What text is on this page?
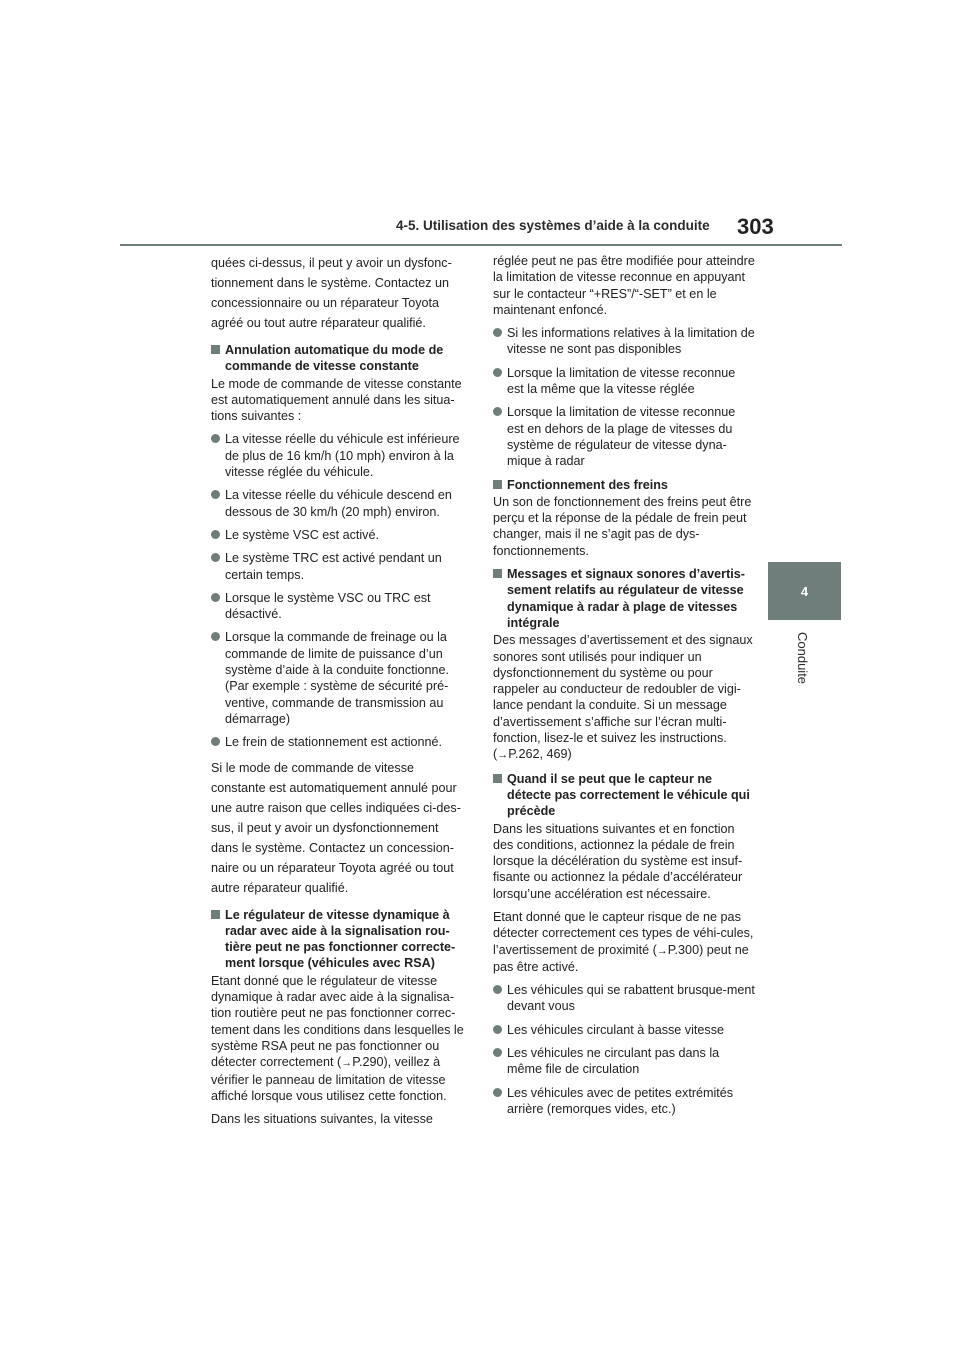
4-5. Utilisation des systèmes d’aide à la conduite 303
4
Conduite

quées ci-dessus, il peut y avoir un dysfonc-

tionnement dans le système. Contactez un

concessionnaire ou un réparateur Toyota

agréé ou tout autre réparateur qualifié.

Annulation automatique du mode de commande de vitesse constante

Le mode de commande de vitesse constante est automatiquement annulé dans les situa-tions suivantes :

La vitesse réelle du véhicule est inférieure de plus de 16 km/h (10 mph) environ à la vitesse réglée du véhicule.
La vitesse réelle du véhicule descend en dessous de 30 km/h (20 mph) environ.
Le système VSC est activé.
Le système TRC est activé pendant un certain temps.
Lorsque le système VSC ou TRC est désactivé.
Lorsque la commande de freinage ou la commande de limite de puissance d’un système d’aide à la conduite fonctionne. (Par exemple : système de sécurité pré-ventive, commande de transmission au démarrage)
Le frein de stationnement est actionné.

Si le mode de commande de vitesse

constante est automatiquement annulé pour

une autre raison que celles indiquées ci-des-

sus, il peut y avoir un dysfonctionnement

dans le système. Contactez un concession-

naire ou un réparateur Toyota agréé ou tout

autre réparateur qualifié.

Le régulateur de vitesse dynamique à radar avec aide à la signalisation rou-tière peut ne pas fonctionner correcte-ment lorsque (véhicules avec RSA)

Etant donné que le régulateur de vitesse dynamique à radar avec aide à la signalisa-tion routière peut ne pas fonctionner correc-tement dans les conditions dans lesquelles le système RSA peut ne pas fonctionner ou détecter correctement (→P.290), veillez à vérifier le panneau de limitation de vitesse affiché lorsque vous utilisez cette fonction.

Dans les situations suivantes, la vitesse

réglée peut ne pas être modifiée pour atteindre la limitation de vitesse reconnue en appuyant sur le contacteur “+RES”/“-SET” et en le maintenant enfoncé.

Si les informations relatives à la limitation de vitesse ne sont pas disponibles
Lorsque la limitation de vitesse reconnue est la même que la vitesse réglée
Lorsque la limitation de vitesse reconnue est en dehors de la plage de vitesses du système de régulateur de vitesse dyna-mique à radar
Fonctionnement des freins

Un son de fonctionnement des freins peut être perçu et la réponse de la pédale de frein peut changer, mais il ne s’agit pas de dys-fonctionnements.

Messages et signaux sonores d’avertis-sement relatifs au régulateur de vitesse dynamique à radar à plage de vitesses intégrale

Des messages d’avertissement et des signaux sonores sont utilisés pour indiquer un dysfonctionnement du système ou pour rappeler au conducteur de redoubler de vigi-lance pendant la conduite. Si un message d’avertissement s’affiche sur l’écran multi-fonction, lisez-le et suivez les instructions.
(→P.262, 469)

Quand il se peut que le capteur ne détecte pas correctement le véhicule qui précède

Dans les situations suivantes et en fonction des conditions, actionnez la pédale de frein lorsque la décélération du système est insuf-fisante ou actionnez la pédale d’accélérateur lorsqu’une accélération est nécessaire.

Etant donné que le capteur risque de ne pas détecter correctement ces types de véhi-cules, l’avertissement de proximité (→P.300) peut ne pas être activé.

Les véhicules qui se rabattent brusque-ment devant vous
Les véhicules circulant à basse vitesse
Les véhicules ne circulant pas dans la même file de circulation
Les véhicules avec de petites extrémités arrière (remorques vides, etc.)
